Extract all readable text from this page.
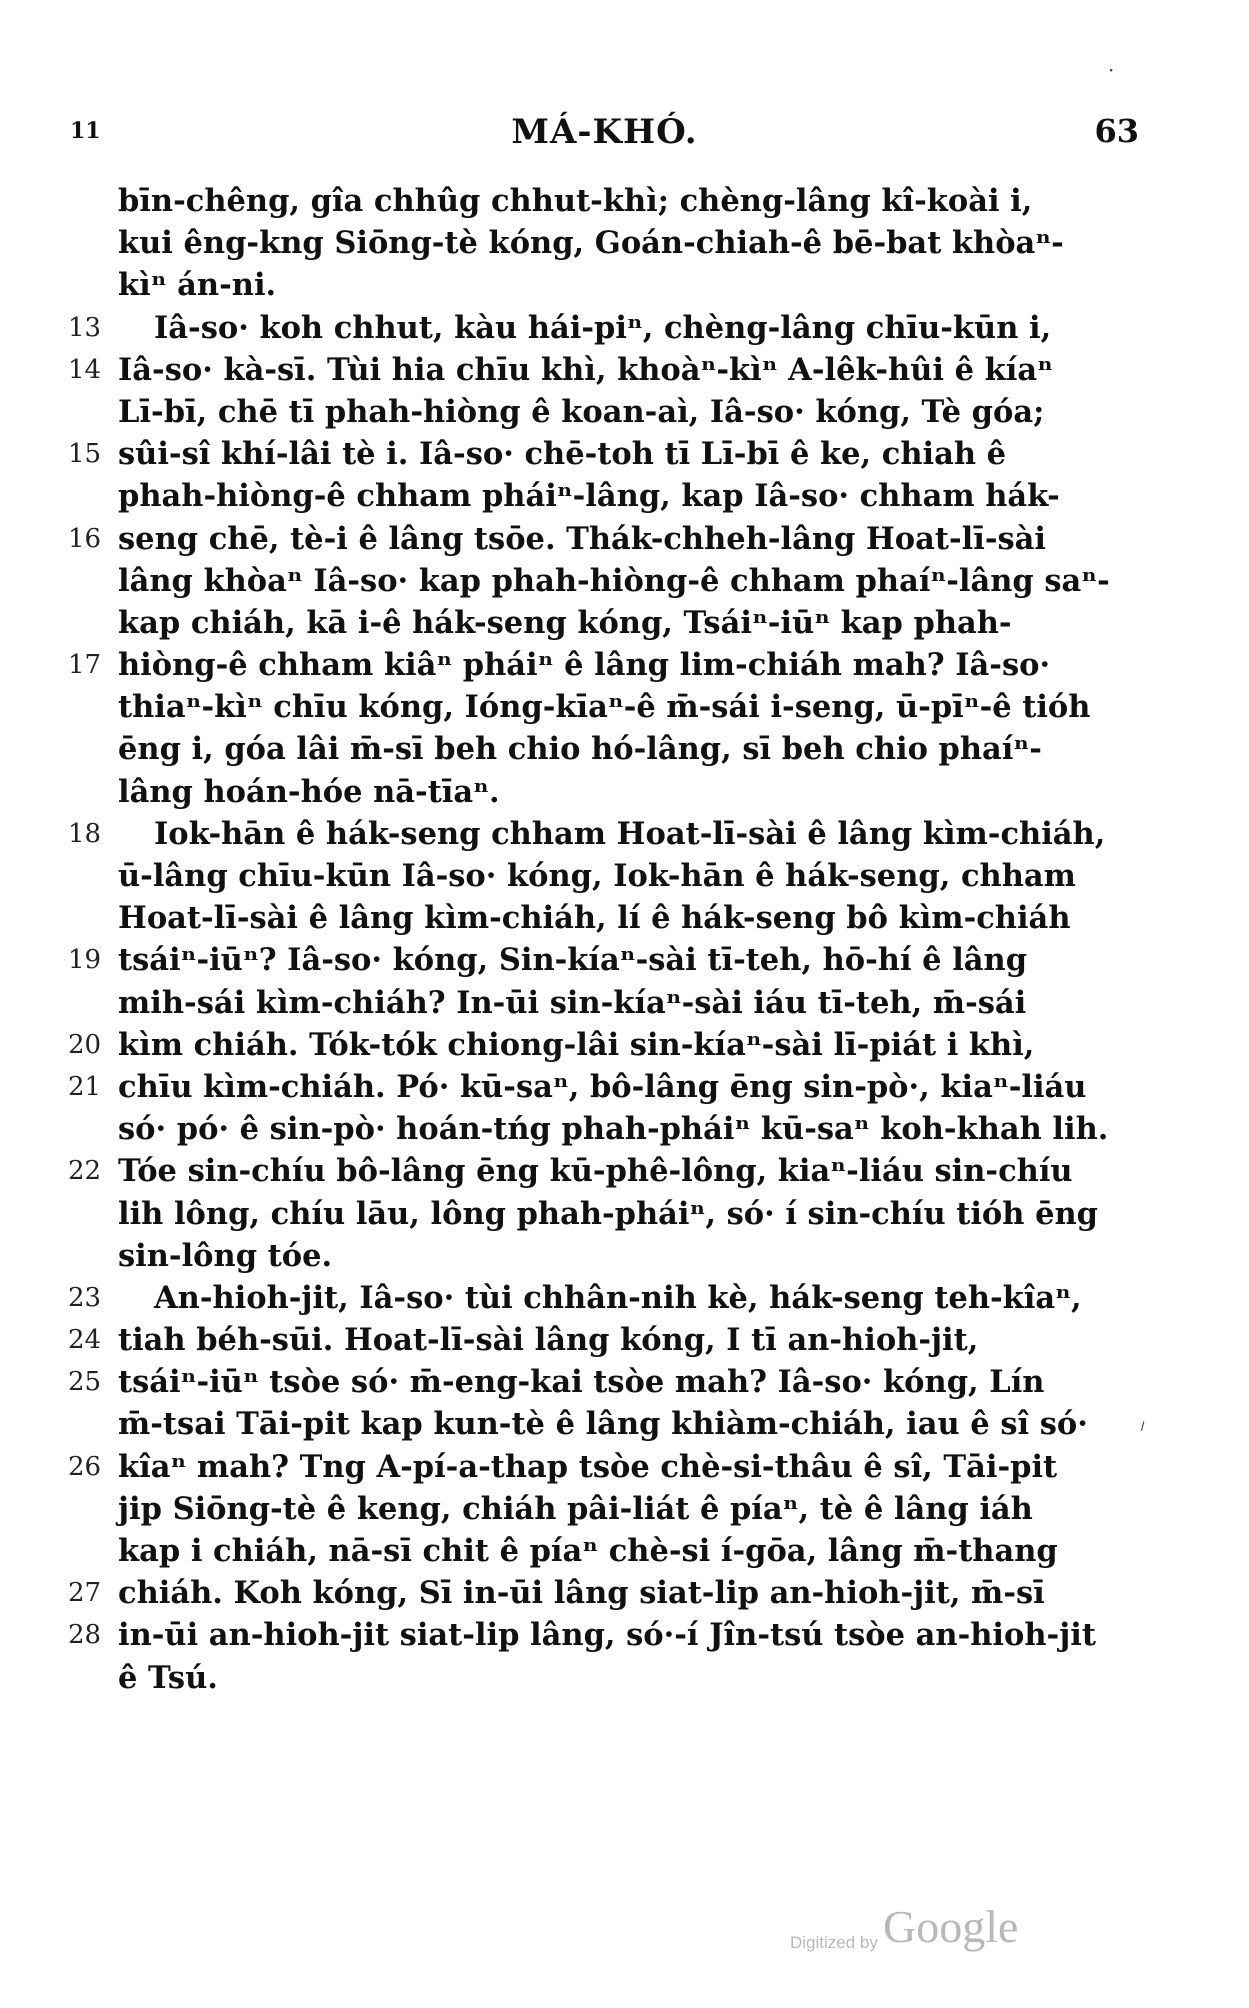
11	MÁ-KHÓ.	63
·
bīn-chêng, gîa chhûg chhut-khì; chèng-lâng kî-koài i,
kui êng-kng Siōng-tè kóng, Goán-chiah-ê bē-bat khòaⁿ-
kìⁿ án-ni.
13 Iâ-so· koh chhut, kàu hái-piⁿ, chèng-lâng chīu-kūn i,
14 Iâ-so· kà-sī. Tùi hia chīu khì, khoàⁿ-kìⁿ A-lêk-hûi ê kíaⁿ
Lī-bī, chē tī phah-hiòng ê koan-aì, Iâ-so· kóng, Tè góa;
15 sûi-sî khí-lâi tè i. Iâ-so· chē-toh tī Lī-bī ê ke, chiah ê
phah-hiòng-ê chham pháiⁿ-lâng, kap Iâ-so· chham hák-
16 seng chē, tè-i ê lâng tsōe. Thák-chheh-lâng Hoat-lī-sài
lâng khòaⁿ Iâ-so· kap phah-hiòng-ê chham phaíⁿ-lâng saⁿ-
kap chiáh, kā i-ê hák-seng kóng, Tsáiⁿ-iūⁿ kap phah-
17 hiòng-ê chham kiâⁿ pháiⁿ ê lâng lim-chiáh mah? Iâ-so·
thiaⁿ-kìⁿ chīu kóng, Ióng-kīaⁿ-ê m̄-sái i-seng, ū-pīⁿ-ê tióh
ēng i, góa lâi m̄-sī beh chio hó-lâng, sī beh chio phaíⁿ-
lâng hoán-hóe nā-tīaⁿ.
18 Iok-hān ê hák-seng chham Hoat-lī-sài ê lâng kìm-chiáh,
ū-lâng chīu-kūn Iâ-so· kóng, Iok-hān ê hák-seng, chham
Hoat-lī-sài ê lâng kìm-chiáh, lí ê hák-seng bô kìm-chiáh
19 tsáiⁿ-iūⁿ? Iâ-so· kóng, Sin-kíaⁿ-sài tī-teh, hō-hí ê lâng
mih-sái kìm-chiáh? In-ūi sin-kíaⁿ-sài iáu tī-teh, m̄-sái
20 kìm chiáh. Tók-tók chiong-lâi sin-kíaⁿ-sài lī-piát i khì,
21 chīu kìm-chiáh. Pó· kū-saⁿ, bô-lâng ēng sin-pò·, kiaⁿ-liáu
só· pó· ê sin-pò· hoán-tńg phah-pháiⁿ kū-saⁿ koh-khah lih.
22 Tóe sin-chíu bô-lâng ēng kū-phê-lông, kiaⁿ-liáu sin-chíu
lih lông, chíu lāu, lông phah-pháiⁿ, só· í sin-chíu tióh ēng
sin-lông tóe.
23 An-hioh-jit, Iâ-so· tùi chhân-nih kè, hák-seng teh-kîaⁿ,
24 tiah béh-sūi. Hoat-lī-sài lâng kóng, I tī an-hioh-jit,
25 tsáiⁿ-iūⁿ tsòe só· m̄-eng-kai tsòe mah? Iâ-so· kóng, Lín
m̄-tsai Tāi-pit kap kun-tè ê lâng khiàm-chiáh, iau ê sî só·
26 kîaⁿ mah? Tng A-pí-a-thap tsòe chè-si-thâu ê sî, Tāi-pit
jip Siōng-tè ê keng, chiáh pâi-liát ê píaⁿ, tè ê lâng iáh
kap i chiáh, nā-sī chit ê píaⁿ chè-si í-gōa, lâng m̄-thang
27 chiáh. Koh kóng, Sī in-ūi lâng siat-lip an-hioh-jit, m̄-sī
28 in-ūi an-hioh-jit siat-lip lâng, só·-í Jîn-tsú tsòe an-hioh-jit
ê Tsú.
⸝
Digitized by Google
